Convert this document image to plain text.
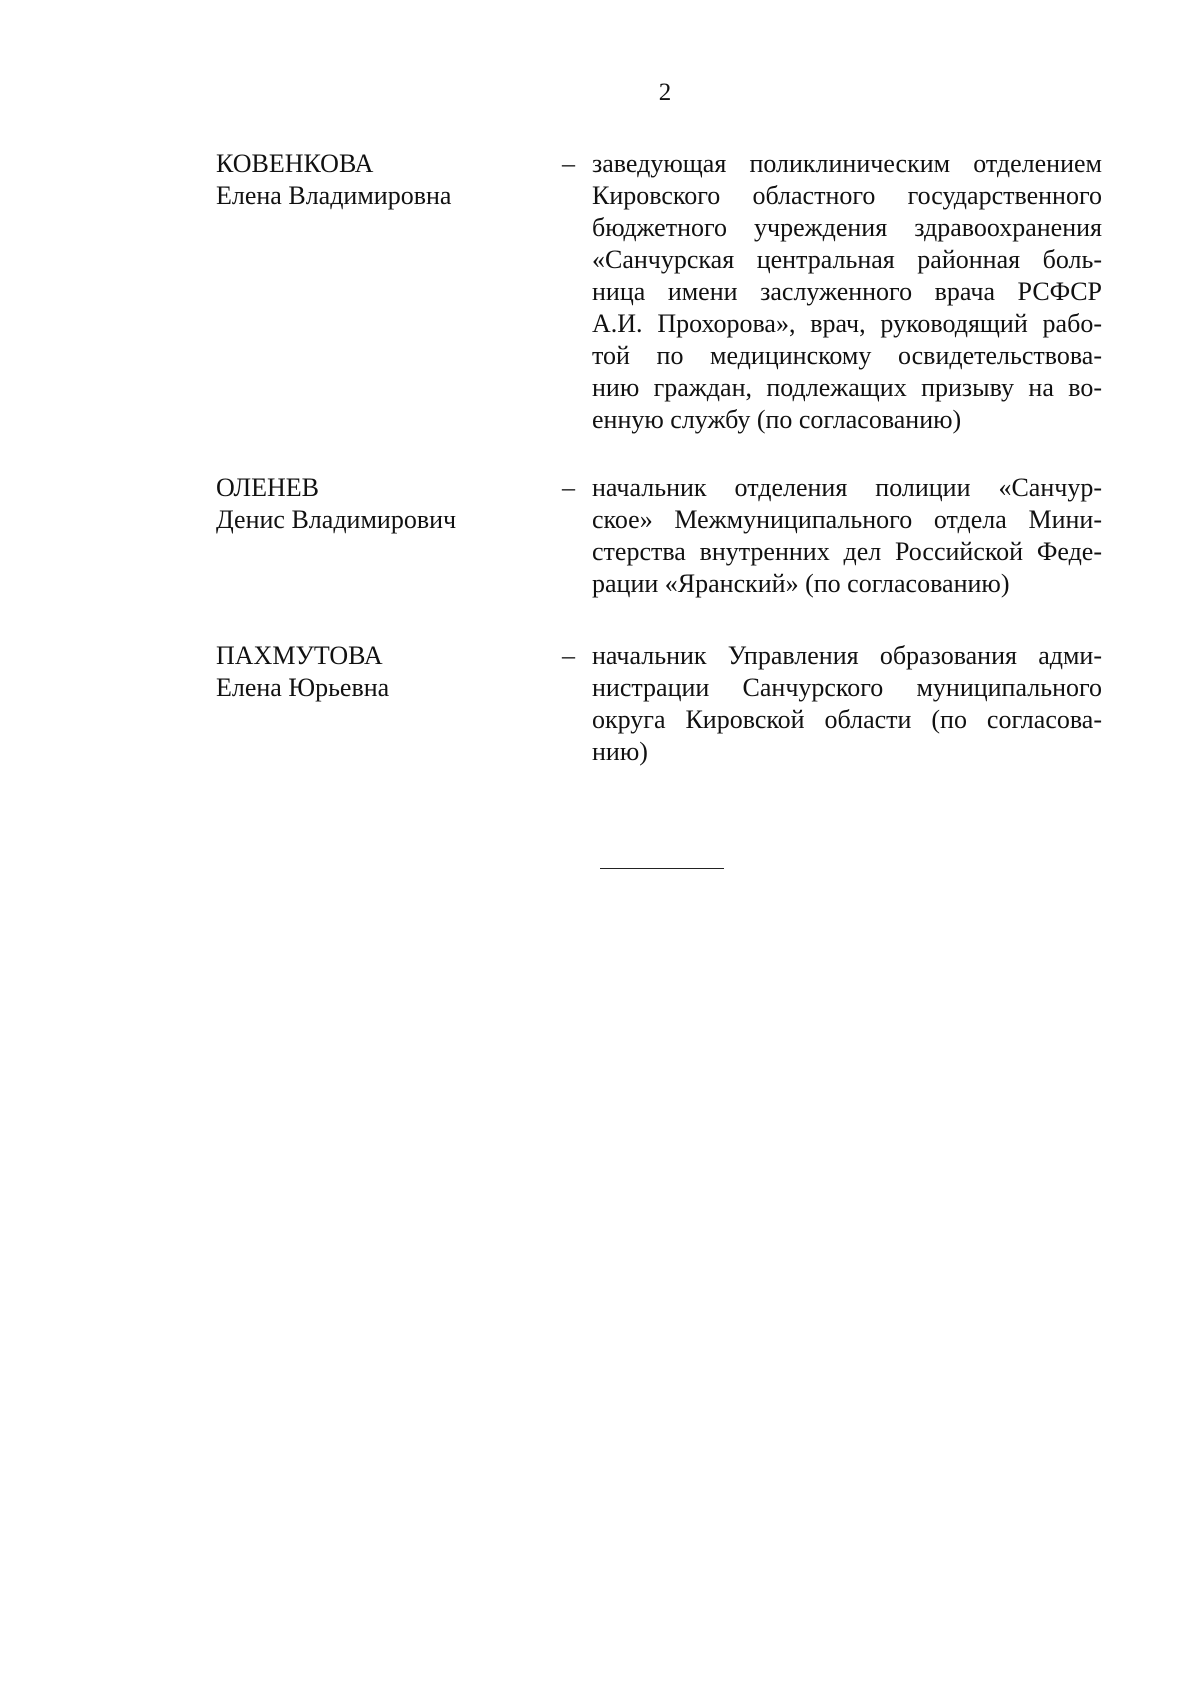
2
КОВЕНКОВА
Елена Владимировна
– заведующая поликлиническим отделением
Кировского областного государственного
бюджетного учреждения здравоохранения
«Санчурская центральная районная боль-
ница имени заслуженного врача РСФСР
А.И. Прохорова», врач, руководящий рабо-
той по медицинскому освидетельствова-
нию граждан, подлежащих призыву на во-
енную службу (по согласованию)
ОЛЕНЕВ
Денис Владимирович
– начальник отделения полиции «Санчур-
ское» Межмуниципального отдела Мини-
стерства внутренних дел Российской Феде-
рации «Яранский» (по согласованию)
ПАХМУТОВА
Елена Юрьевна
– начальник Управления образования адми-
нистрации Санчурского муниципального
округа Кировской области (по согласова-
нию)
